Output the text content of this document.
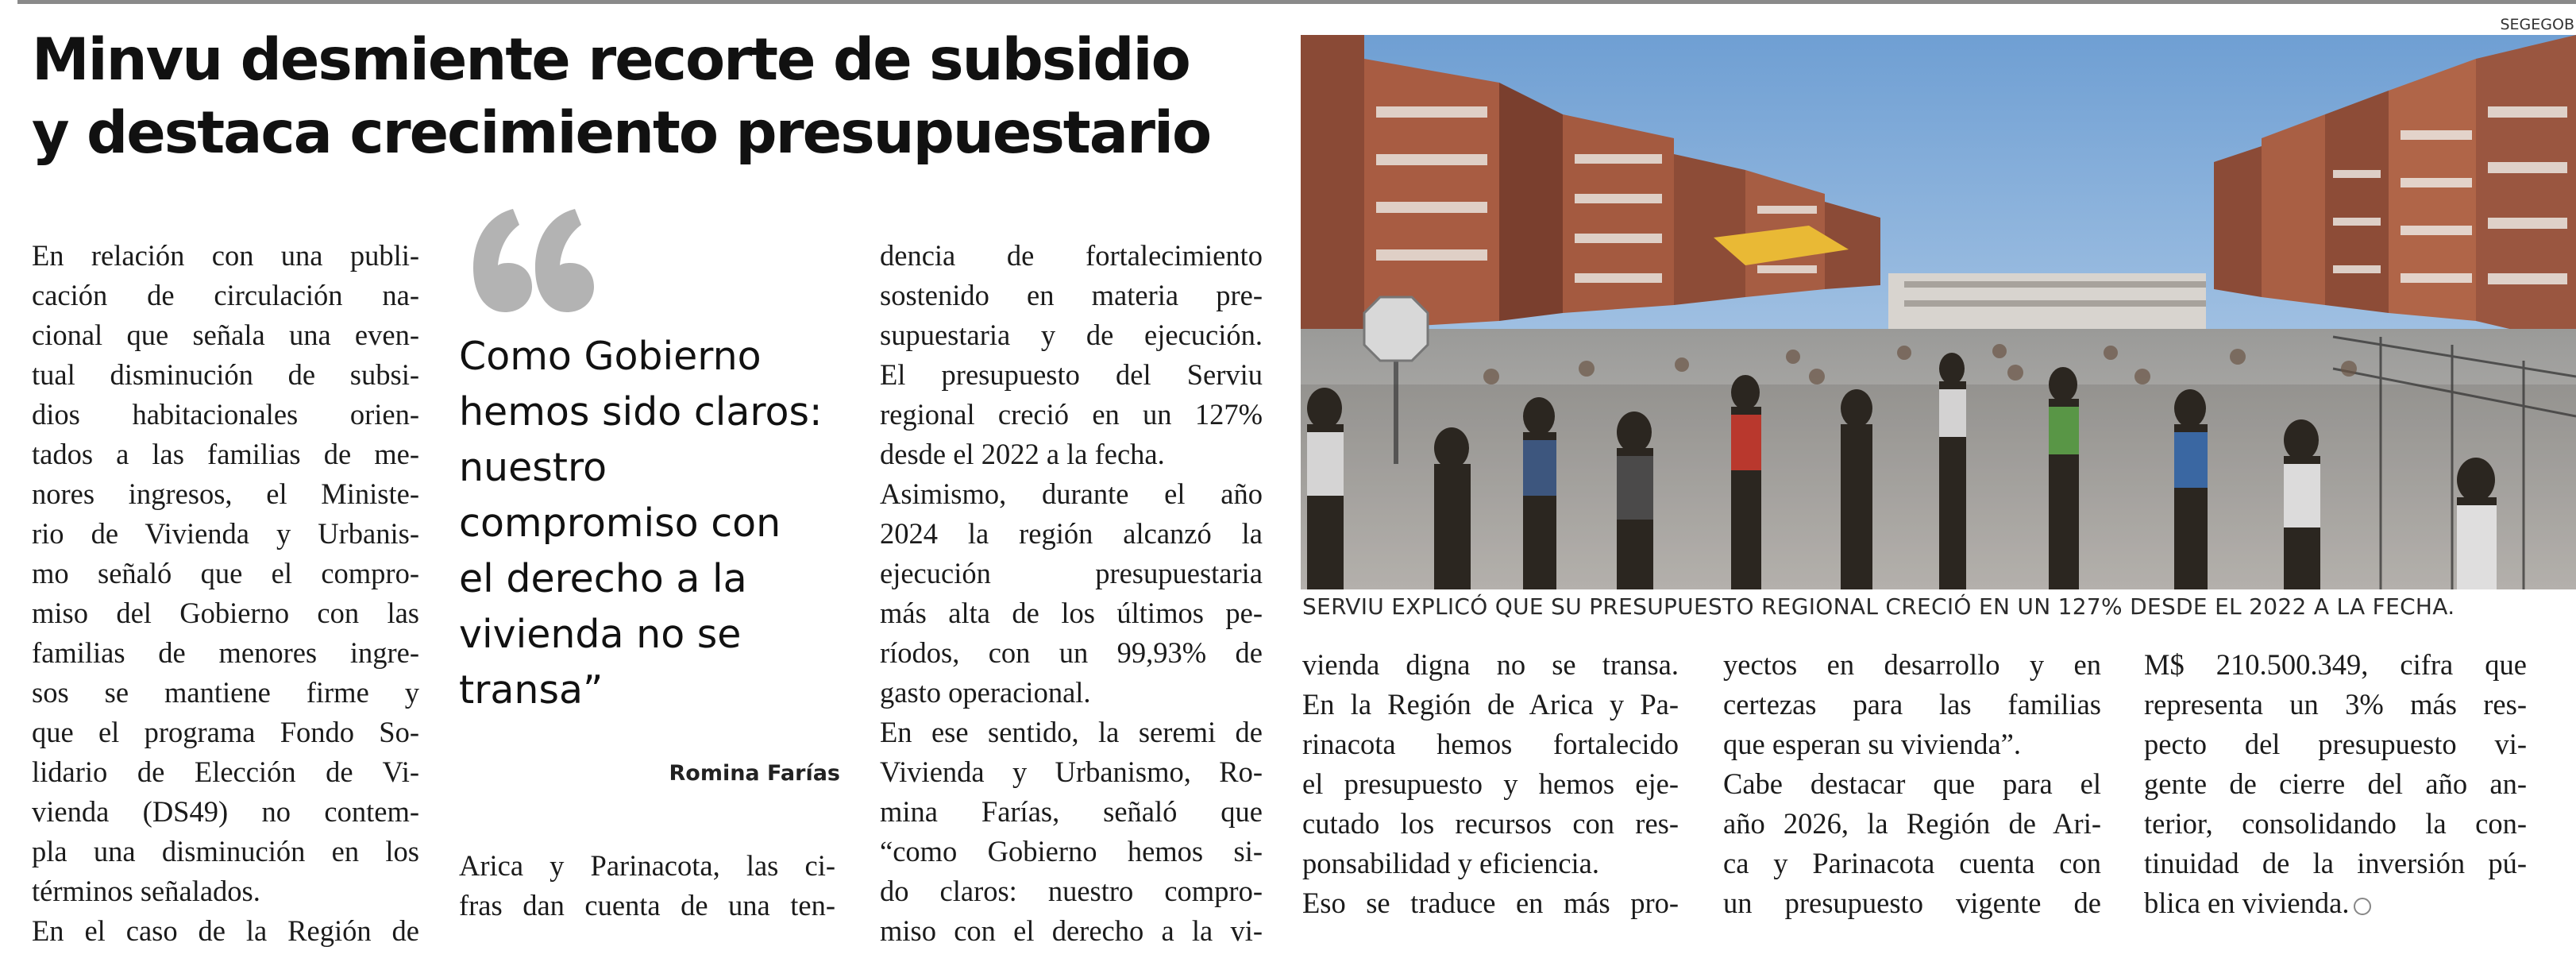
Minvu desmiente recorte de subsidio
y destaca crecimiento presupuestario
En relación con una publi-
cación de circulación na-
cional que señala una even-
tual disminución de subsi-
dios habitacionales orien-
tados a las familias de me-
nores ingresos, el Ministe-
rio de Vivienda y Urbanis-
mo señaló que el compro-
miso del Gobierno con las
familias de menores ingre-
sos se mantiene firme y
que el programa Fondo So-
lidario de Elección de Vi-
vienda (DS49) no contem-
pla una disminución en los
términos señalados.
En el caso de la Región de
Como Gobierno
hemos sido claros:
nuestro
compromiso con
el derecho a la
vivienda no se
transa”
Romina Farías
Arica y Parinacota, las ci-
fras dan cuenta de una ten-
dencia de fortalecimiento
sostenido en materia pre-
supuestaria y de ejecución.
El presupuesto del Serviu
regional creció en un 127%
desde el 2022 a la fecha.
Asimismo, durante el año
2024 la región alcanzó la
ejecución presupuestaria
más alta de los últimos pe-
ríodos, con un 99,93% de
gasto operacional.
En ese sentido, la seremi de
Vivienda y Urbanismo, Ro-
mina Farías, señaló que
“como Gobierno hemos si-
do claros: nuestro compro-
miso con el derecho a la vi-
SEGEGOB
SERVIU EXPLICÓ QUE SU PRESUPUESTO REGIONAL CRECIÓ EN UN 127% DESDE EL 2022 A LA FECHA.
vienda digna no se transa.
En la Región de Arica y Pa-
rinacota hemos fortalecido
el presupuesto y hemos eje-
cutado los recursos con res-
ponsabilidad y eficiencia.
Eso se traduce en más pro-
yectos en desarrollo y en
certezas para las familias
que esperan su vivienda”.
Cabe destacar que para el
año 2026, la Región de Ari-
ca y Parinacota cuenta con
un presupuesto vigente de
M$ 210.500.349, cifra que
representa un 3% más res-
pecto del presupuesto vi-
gente de cierre del año an-
terior, consolidando la con-
tinuidad de la inversión pú-
blica en vivienda.
